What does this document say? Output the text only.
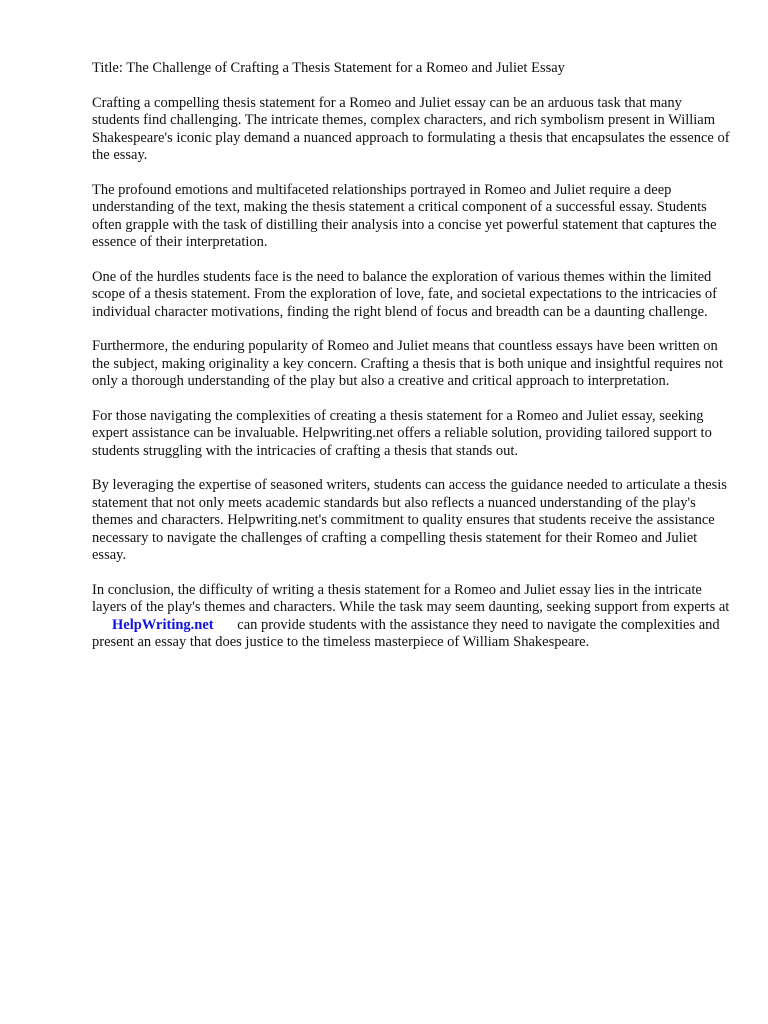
Title: The Challenge of Crafting a Thesis Statement for a Romeo and Juliet Essay

Crafting a compelling thesis statement for a Romeo and Juliet essay can be an arduous task that many students find challenging. The intricate themes, complex characters, and rich symbolism present in William Shakespeare's iconic play demand a nuanced approach to formulating a thesis that encapsulates the essence of the essay.

The profound emotions and multifaceted relationships portrayed in Romeo and Juliet require a deep understanding of the text, making the thesis statement a critical component of a successful essay. Students often grapple with the task of distilling their analysis into a concise yet powerful statement that captures the essence of their interpretation.

One of the hurdles students face is the need to balance the exploration of various themes within the limited scope of a thesis statement. From the exploration of love, fate, and societal expectations to the intricacies of individual character motivations, finding the right blend of focus and breadth can be a daunting challenge.

Furthermore, the enduring popularity of Romeo and Juliet means that countless essays have been written on the subject, making originality a key concern. Crafting a thesis that is both unique and insightful requires not only a thorough understanding of the play but also a creative and critical approach to interpretation.

For those navigating the complexities of creating a thesis statement for a Romeo and Juliet essay, seeking expert assistance can be invaluable. Helpwriting.net offers a reliable solution, providing tailored support to students struggling with the intricacies of crafting a thesis that stands out.

By leveraging the expertise of seasoned writers, students can access the guidance needed to articulate a thesis statement that not only meets academic standards but also reflects a nuanced understanding of the play's themes and characters. Helpwriting.net's commitment to quality ensures that students receive the assistance necessary to navigate the challenges of crafting a compelling thesis statement for their Romeo and Juliet essay.

In conclusion, the difficulty of writing a thesis statement for a Romeo and Juliet essay lies in the intricate layers of the play's themes and characters. While the task may seem daunting, seeking support from experts at HelpWriting.net can provide students with the assistance they need to navigate the complexities and present an essay that does justice to the timeless masterpiece of William Shakespeare.
